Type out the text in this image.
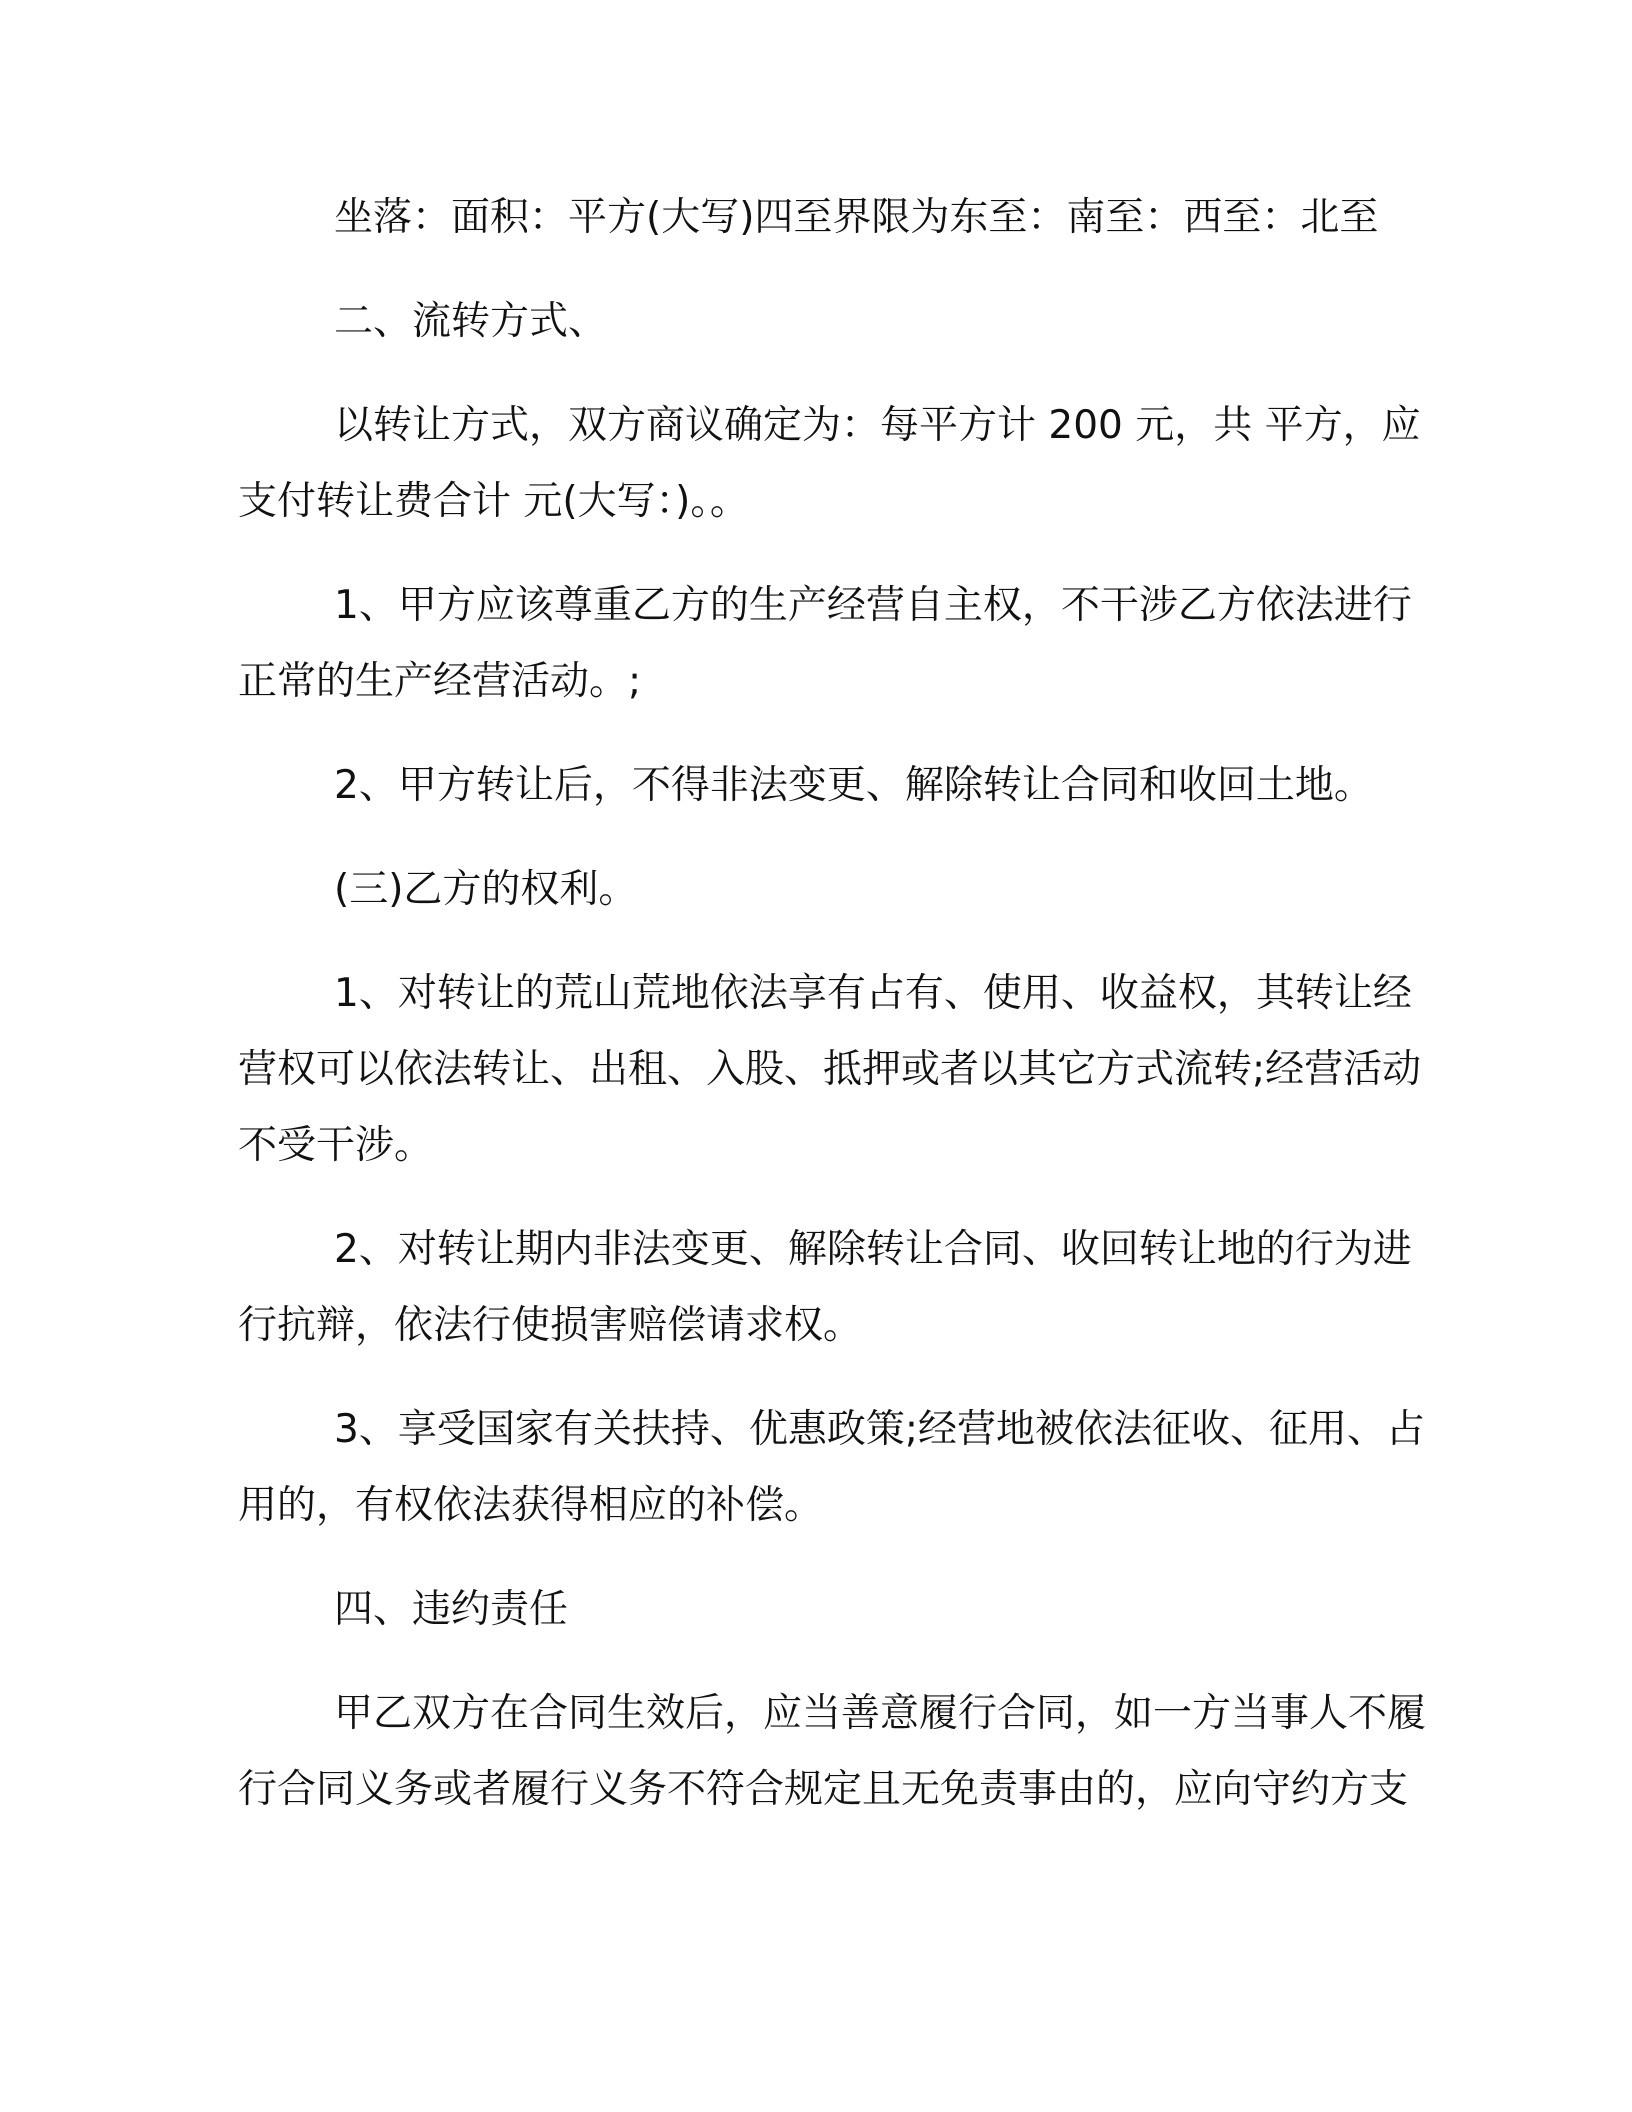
坐落：面积：平方(大写)四至界限为东至：南至：西至：北至

二、流转方式、

以转让方式，双方商议确定为：每平方计 200 元，共 平方，应

支付转让费合计 元(大写：)。。

1、甲方应该尊重乙方的生产经营自主权，不干涉乙方依法进行

正常的生产经营活动。;

2、甲方转让后，不得非法变更、解除转让合同和收回土地。

(三)乙方的权利。

1、对转让的荒山荒地依法享有占有、使用、收益权，其转让经

营权可以依法转让、出租、入股、抵押或者以其它方式流转;经营活动

不受干涉。

2、对转让期内非法变更、解除转让合同、收回转让地的行为进

行抗辩，依法行使损害赔偿请求权。

3、享受国家有关扶持、优惠政策;经营地被依法征收、征用、占

用的，有权依法获得相应的补偿。

四、违约责任

甲乙双方在合同生效后，应当善意履行合同，如一方当事人不履

行合同义务或者履行义务不符合规定且无免责事由的，应向守约方支
